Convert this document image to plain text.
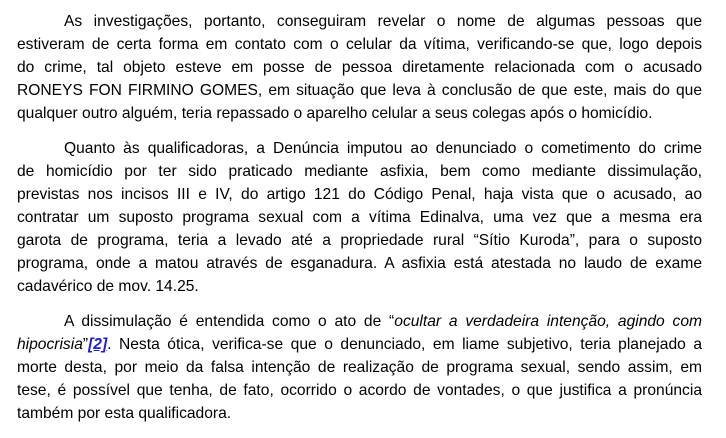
As investigações, portanto, conseguiram revelar o nome de algumas pessoas que
estiveram de certa forma em contato com o celular da vítima, verificando-se que, logo depois
do crime, tal objeto esteve em posse de pessoa diretamente relacionada com o acusado
RONEYS FON FIRMINO GOMES, em situação que leva à conclusão de que este, mais do que
qualquer outro alguém, teria repassado o aparelho celular a seus colegas após o homicídio.
Quanto às qualificadoras, a Denúncia imputou ao denunciado o cometimento do crime
de homicídio por ter sido praticado mediante asfixia, bem como mediante dissimulação,
previstas nos incisos III e IV, do artigo 121 do Código Penal, haja vista que o acusado, ao
contratar um suposto programa sexual com a vítima Edinalva, uma vez que a mesma era
garota de programa, teria a levado até a propriedade rural “Sítio Kuroda”, para o suposto
programa, onde a matou através de esganadura. A asfixia está atestada no laudo de exame
cadavérico de mov. 14.25.
A dissimulação é entendida como o ato de “ocultar a verdadeira intenção, agindo com
hipocrisia”[2]. Nesta ótica, verifica-se que o denunciado, em liame subjetivo, teria planejado a
morte desta, por meio da falsa intenção de realização de programa sexual, sendo assim, em
tese, é possível que tenha, de fato, ocorrido o acordo de vontades, o que justifica a pronúncia
também por esta qualificadora.
